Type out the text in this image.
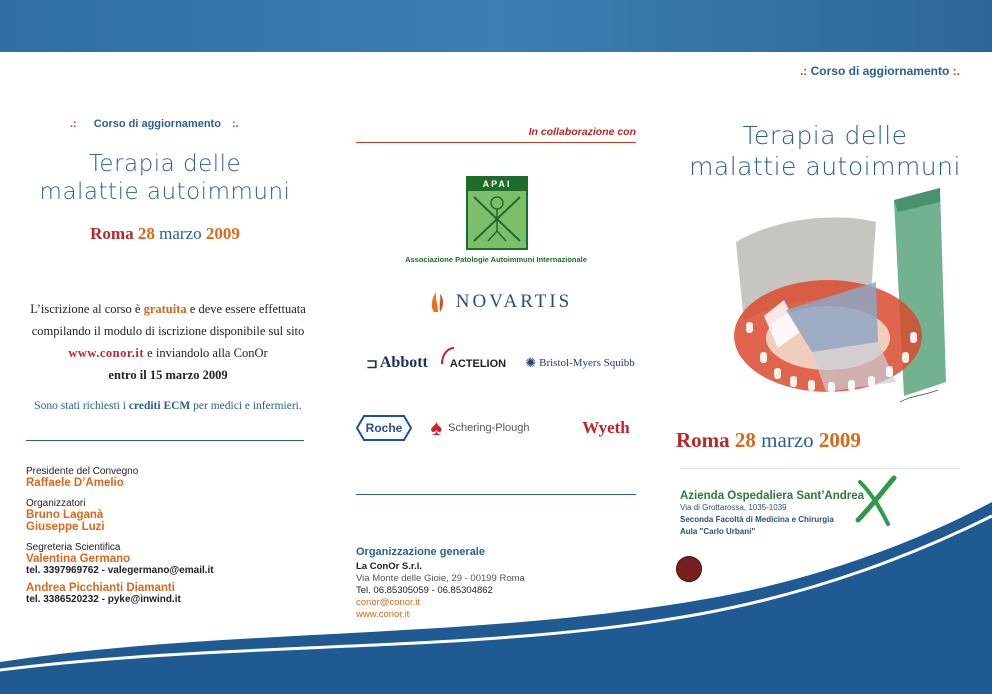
.: Corso di aggiornamento :.
Terapia delle
malattie autoimmuni
Roma 28 marzo 2009
L’iscrizione al corso è gratuita e deve essere effettuata
compilando il modulo di iscrizione disponibile sul sito
www.conor.it e inviandolo alla ConOr
entro il 15 marzo 2009
Sono stati richiesti i crediti ECM per medici e infermieri.
Presidente del Convegno
Raffaele D’Amelio
Organizzatori
Bruno Laganà
Giuseppe Luzi
Segreteria Scientifica
Valentina Germano
tel. 3397969762 - valegermano@email.it
Andrea Picchianti Diamanti
tel. 3386520232 - pyke@inwind.it
In collaborazione con
APAI
Associazione Patologie Autoimmuni Internazionale
NOVARTIS
⊐ Abbott ACTELION ✺ Bristol-Myers Squibb
Roche ♠ Schering-Plough	Wyeth
Organizzazione generale
La ConOr S.r.l.
Via Monte delle Gioie, 29 - 00199 Roma
Tel. 06.85305059 - 06.85304862
conor@conor.it
www.conor.it
.: Corso di aggiornamento :.
Terapia delle
malattie autoimmuni
Roma 28 marzo 2009
Azienda Ospedaliera Sant’Andrea
Via di Grottarossa, 1035-1039
Seconda Facoltà di Medicina e Chirurgia
Aula "Carlo Urbani"
Sapienza Università di Roma
